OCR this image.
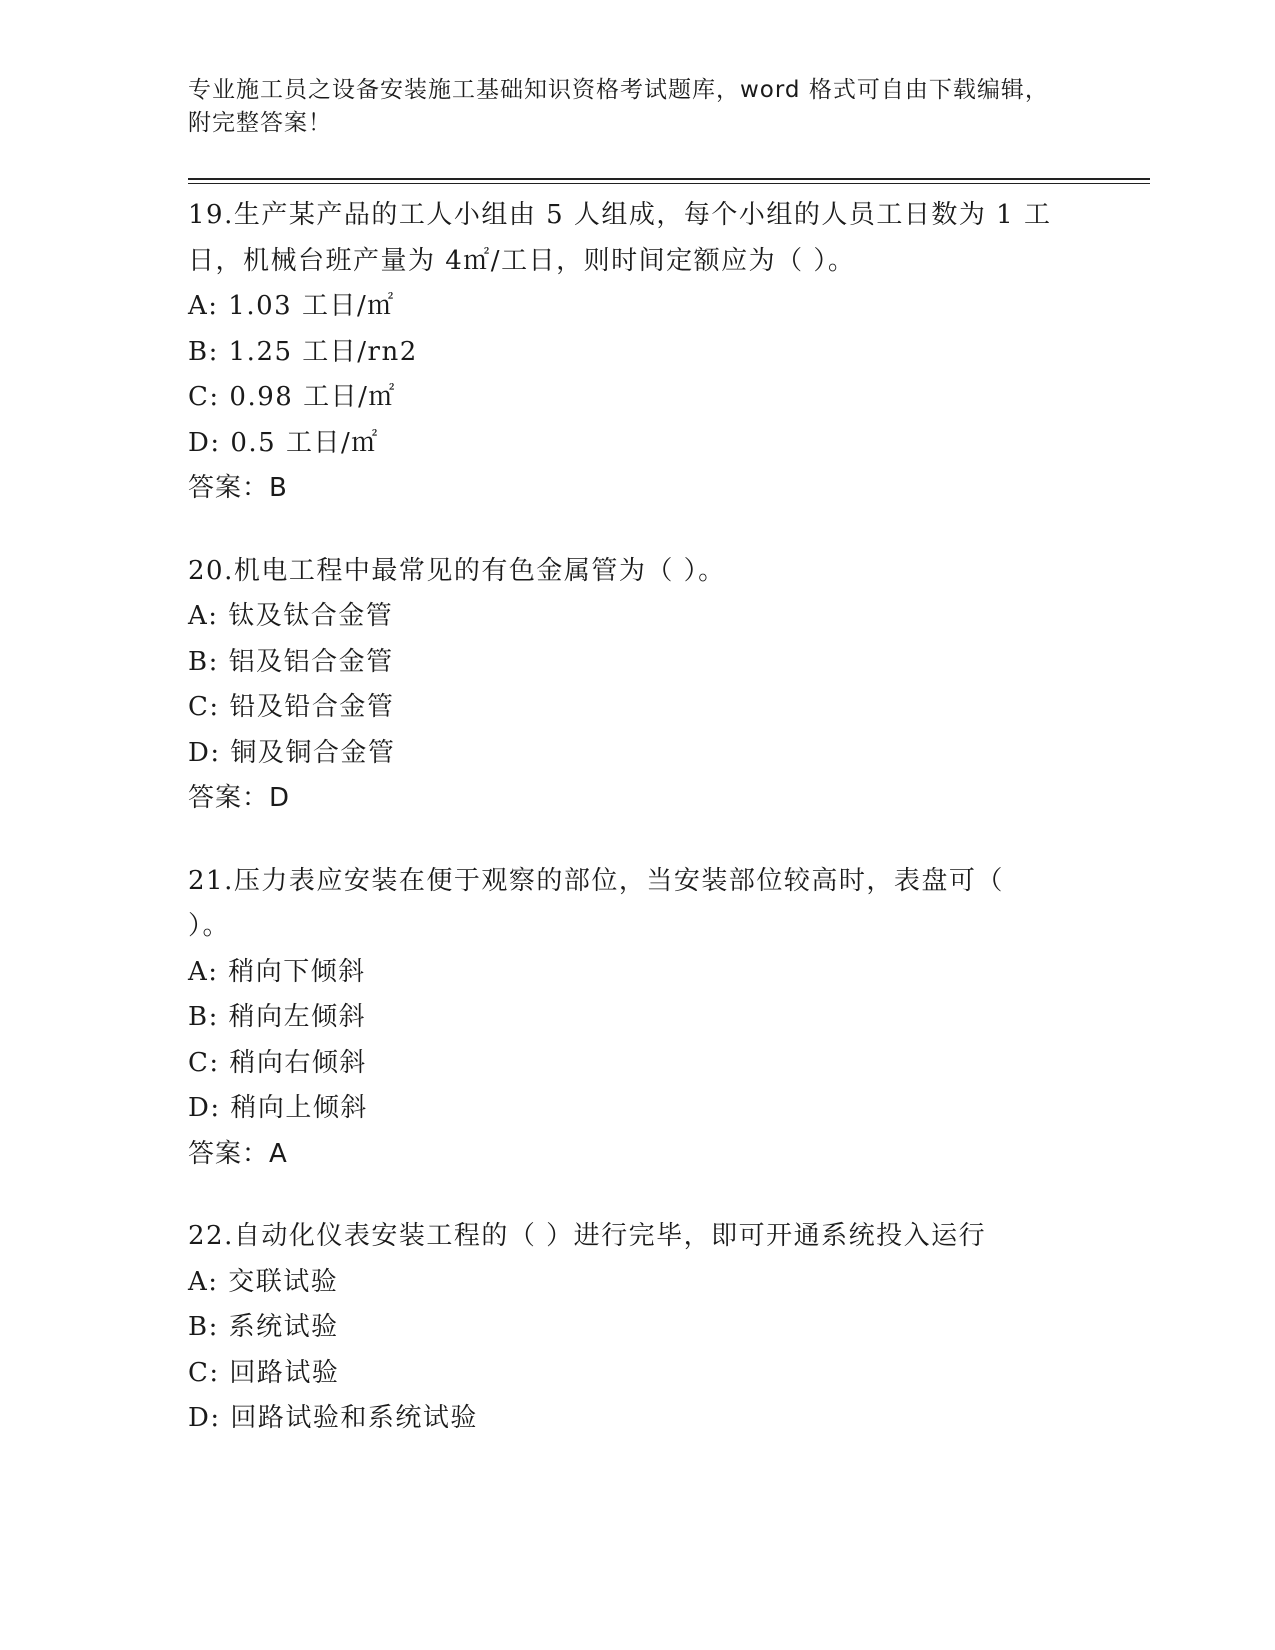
专业施工员之设备安装施工基础知识资格考试题库，word 格式可自由下载编辑，
附完整答案！
19.生产某产品的工人小组由 5 人组成，每个小组的人员工日数为 1 工
日，机械台班产量为 4㎡/工日，则时间定额应为（ ）。
A: 1.03 工日/㎡
B: 1.25 工日/rn2
C: 0.98 工日/㎡
D: 0.5 工日/㎡
答案：B
20.机电工程中最常见的有色金属管为（ ）。
A: 钛及钛合金管
B: 铝及铝合金管
C: 铅及铅合金管
D: 铜及铜合金管
答案：D
21.压力表应安装在便于观察的部位，当安装部位较高时，表盘可（
）。
A: 稍向下倾斜
B: 稍向左倾斜
C: 稍向右倾斜
D: 稍向上倾斜
答案：A
22.自动化仪表安装工程的（ ）进行完毕，即可开通系统投入运行
A: 交联试验
B: 系统试验
C: 回路试验
D: 回路试验和系统试验
